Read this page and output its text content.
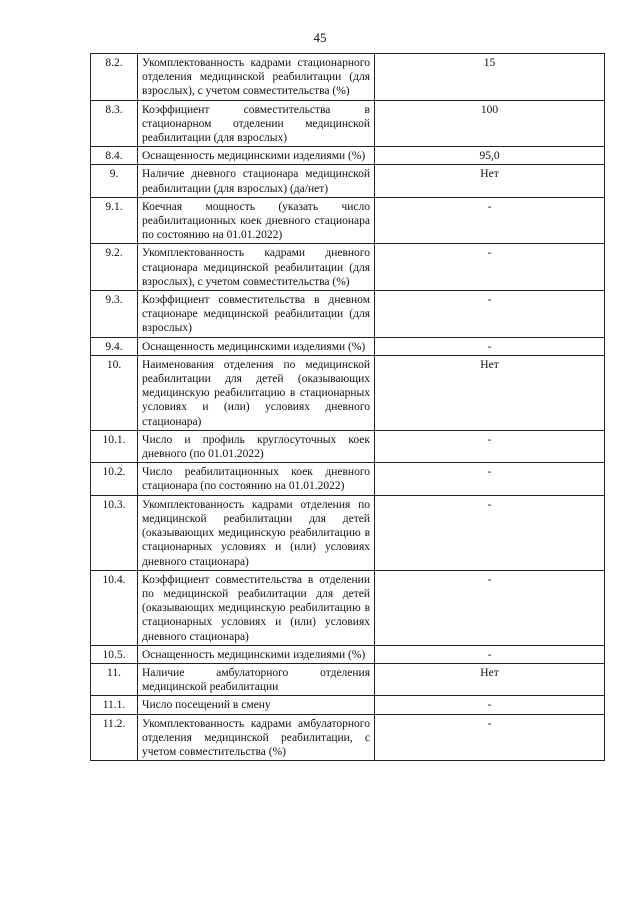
45
8.2.	Укомплектованность кадрами стационарного отделения медицинской реабилитации (для взрослых), с учетом совместительства (%)	15
8.3.	Коэффициент совместительства в стационарном отделении медицинской реабилитации (для взрослых)	100
8.4.	Оснащенность медицинскими изделиями (%)	95,0
9.	Наличие дневного стационара медицинской реабилитации (для взрослых) (да/нет)	Нет
9.1.	Коечная мощность (указать число реабилитационных коек дневного стационара по состоянию на 01.01.2022)	-
9.2.	Укомплектованность кадрами дневного стационара медицинской реабилитации (для взрослых), с учетом совместительства (%)	-
9.3.	Коэффициент совместительства в дневном стационаре медицинской реабилитации (для взрослых)	-
9.4.	Оснащенность медицинскими изделиями (%)	-
10.	Наименования отделения по медицинской реабилитации для детей (оказывающих медицинскую реабилитацию в стационарных условиях и (или) условиях дневного стационара)	Нет
10.1.	Число и профиль круглосуточных коек дневного (по 01.01.2022)	-
10.2.	Число реабилитационных коек дневного стационара (по состоянию на 01.01.2022)	-
10.3.	Укомплектованность кадрами отделения по медицинской реабилитации для детей (оказывающих медицинскую реабилитацию в стационарных условиях и (или) условиях дневного стационара)	-
10.4.	Коэффициент совместительства в отделении по медицинской реабилитации для детей (оказывающих медицинскую реабилитацию в стационарных условиях и (или) условиях дневного стационара)	-
10.5.	Оснащенность медицинскими изделиями (%)	-
11.	Наличие амбулаторного отделения медицинской реабилитации	Нет
11.1.	Число посещений в смену	-
11.2.	Укомплектованность кадрами амбулаторного отделения медицинской реабилитации, с учетом совместительства (%)	-
